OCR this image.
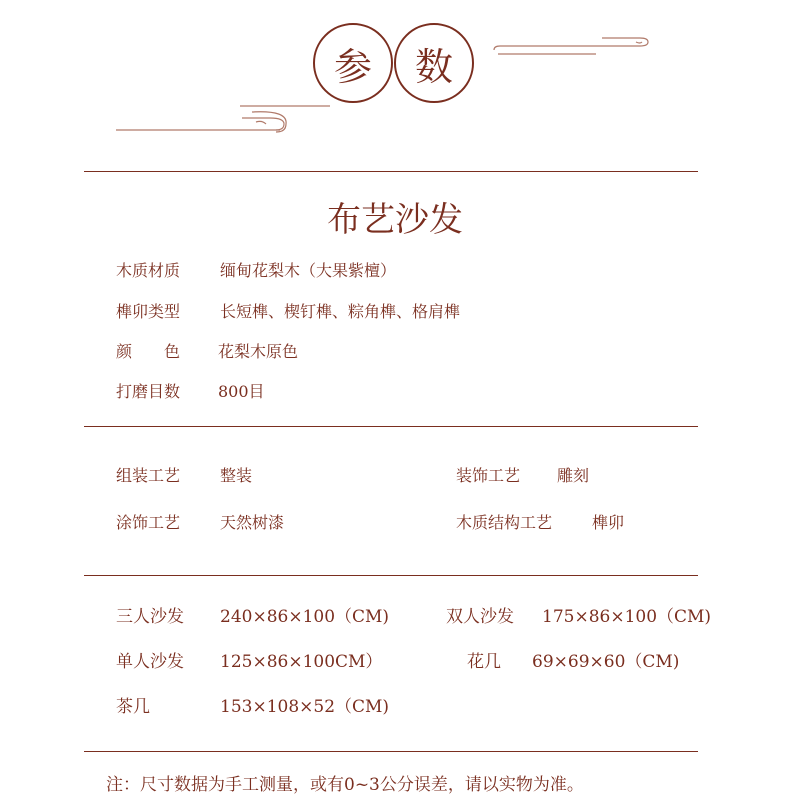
参 数
布艺沙发
木质材质 缅甸花梨木（大果紫檀）
榫卯类型 长短榫、楔钉榫、粽角榫、格肩榫
颜　　色 花梨木原色
打磨目数 800目
组装工艺 整装	装饰工艺 雕刻
涂饰工艺 天然树漆	木质结构工艺 榫卯
三人沙发 240×86×100（CM)	双人沙发 175×86×100（CM)
单人沙发 125×86×100CM）	花几 69×69×60（CM)
茶几	153×108×52（CM)
注：尺寸数据为手工测量，或有0~3公分误差，请以实物为准。
